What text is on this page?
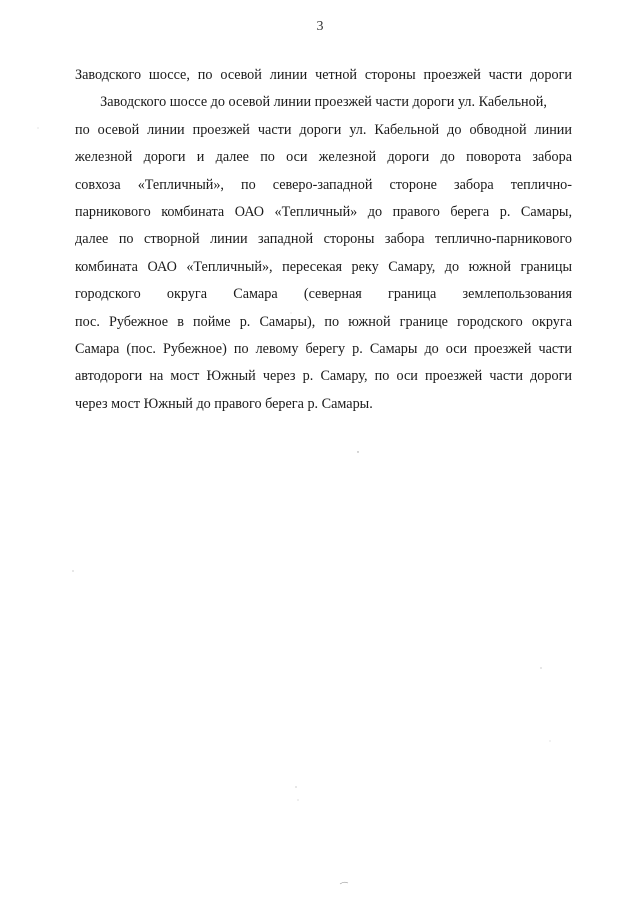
3
Заводского шоссе, по осевой линии четной стороны проезжей части дороги
Заводского шоссе до осевой линии проезжей части дороги ул. Кабельной,
по осевой линии проезжей части дороги ул. Кабельной до обводной линии
железной дороги и далее по оси железной дороги до поворота забора
совхоза «Тепличный», по северо-западной стороне забора теплично-
парникового комбината ОАО «Тепличный» до правого берега р. Самары,
далее по створной линии западной стороны забора теплично-парникового
комбината ОАО «Тепличный», пересекая реку Самару, до южной границы
городского округа Самара (северная граница землепользования
пос. Рубежное в пойме р. Самары), по южной границе городского округа
Самара (пос. Рубежное) по левому берегу р. Самары до оси проезжей части
автодороги на мост Южный через р. Самару, по оси проезжей части дороги
через мост Южный до правого берега р. Самары.
